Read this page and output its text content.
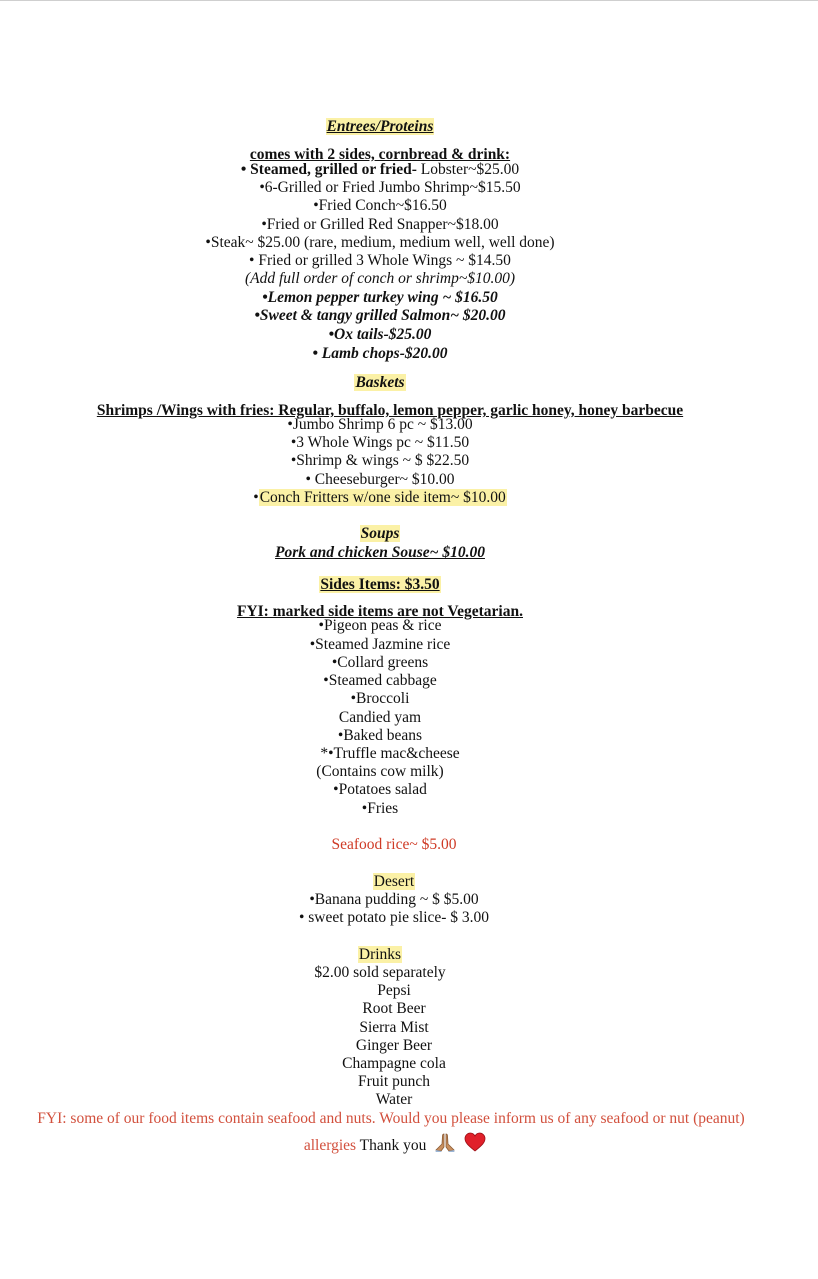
Entrees/Proteins
comes with 2 sides, cornbread & drink:
• Steamed, grilled or fried- Lobster~$25.00
•6-Grilled or Fried Jumbo Shrimp~$15.50
•Fried Conch~$16.50
•Fried or Grilled Red Snapper~$18.00
•Steak~ $25.00 (rare, medium, medium well, well done)
• Fried or grilled 3 Whole Wings ~ $14.50
(Add full order of conch or shrimp~$10.00)
•Lemon pepper turkey wing ~ $16.50
•Sweet & tangy grilled Salmon~ $20.00
•Ox tails-$25.00
• Lamb chops-$20.00
Baskets
Shrimps /Wings with fries: Regular, buffalo, lemon pepper, garlic honey, honey barbecue
•Jumbo Shrimp 6 pc ~ $13.00
•3 Whole Wings pc ~ $11.50
•Shrimp & wings ~ $ $22.50
• Cheeseburger~ $10.00
•Conch Fritters w/one side item~ $10.00
Soups
Pork and chicken Souse~ $10.00
Sides Items: $3.50
FYI: marked side items are not Vegetarian.
•Pigeon peas & rice
•Steamed Jazmine rice
•Collard greens
•Steamed cabbage
•Broccoli
Candied yam
•Baked beans
*•Truffle mac&cheese
(Contains cow milk)
•Potatoes salad
•Fries
Seafood rice~ $5.00
Desert
•Banana pudding ~ $ $5.00
• sweet potato pie slice- $ 3.00
Drinks
$2.00 sold separately
Pepsi
Root Beer
Sierra Mist
Ginger Beer
Champagne cola
Fruit punch
Water
FYI: some of our food items contain seafood and nuts. Would you please inform us of any seafood or nut (peanut)
allergies Thank you
